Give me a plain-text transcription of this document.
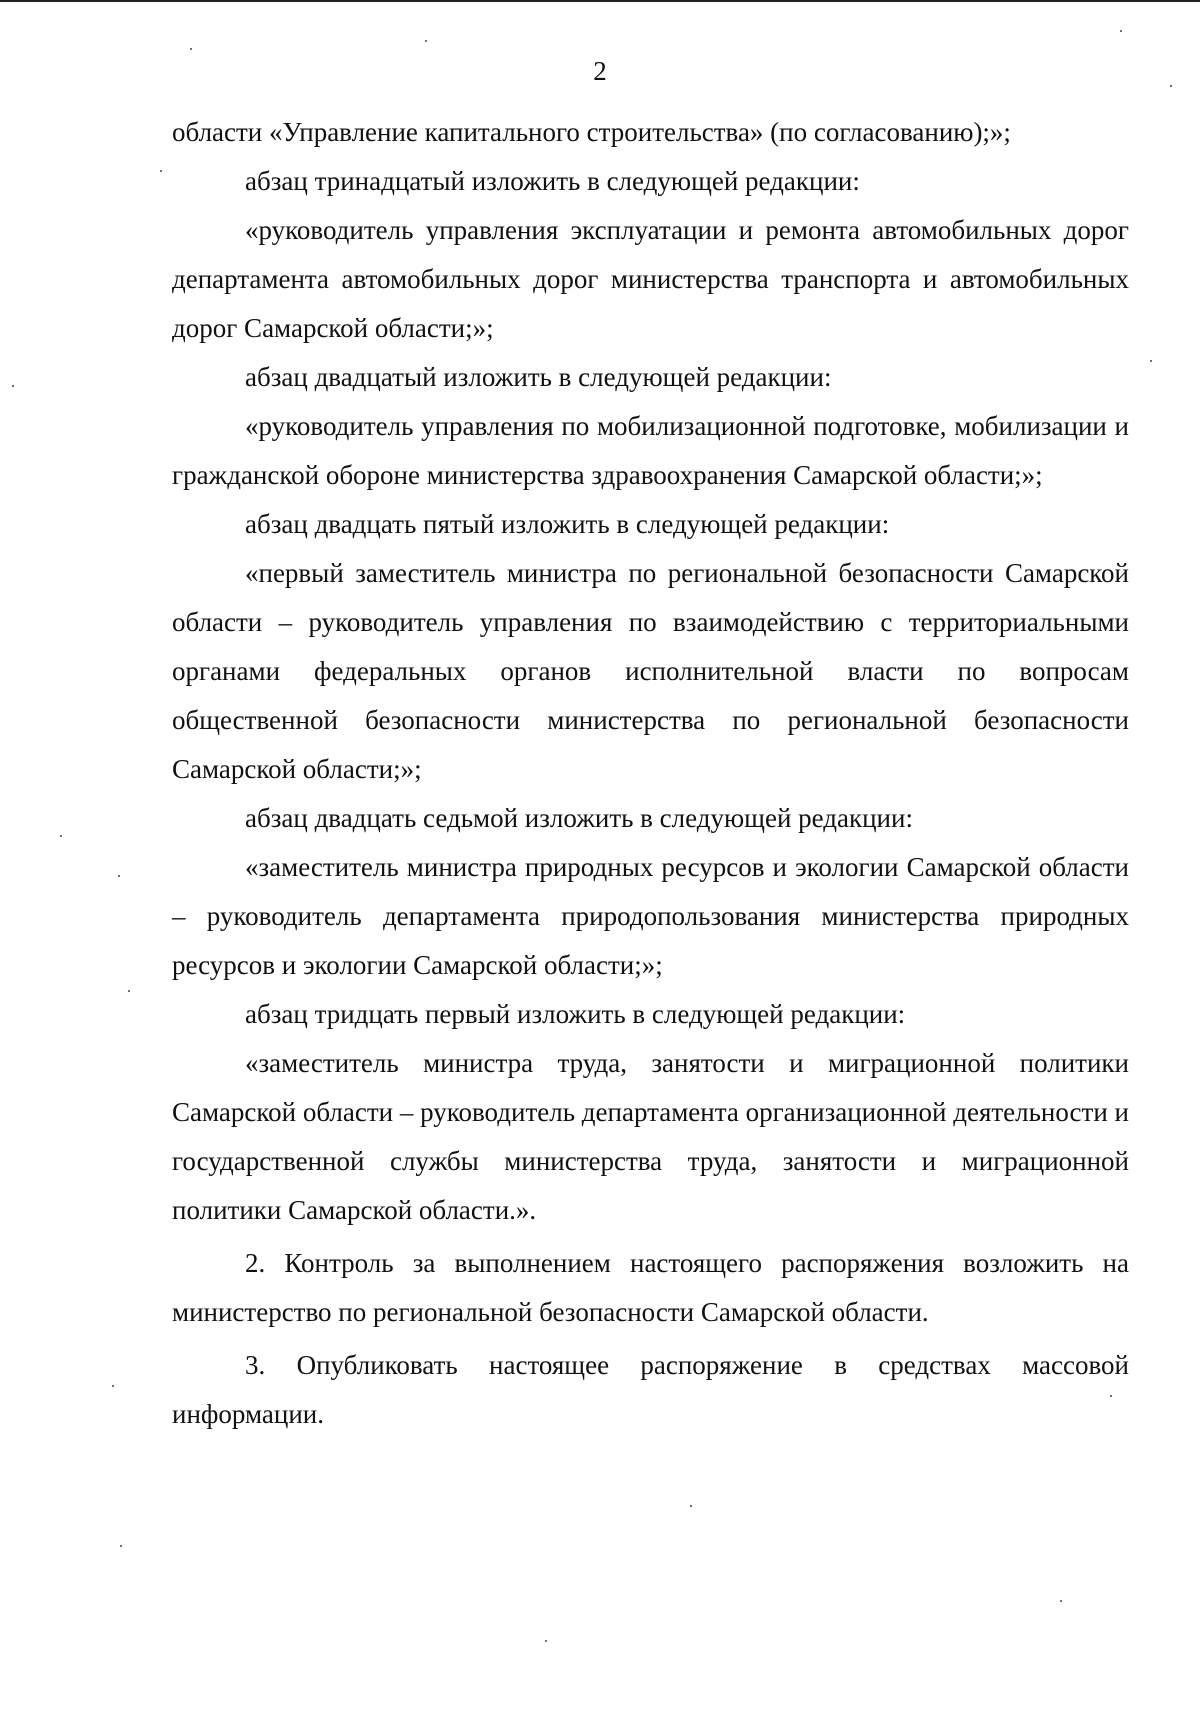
2

области «Управление капитального строительства» (по согласованию);»;

абзац тринадцатый изложить в следующей редакции:

«руководитель управления эксплуатации и ремонта автомобильных дорог департамента автомобильных дорог министерства транспорта и автомобильных дорог Самарской области;»;

абзац двадцатый изложить в следующей редакции:

«руководитель управления по мобилизационной подготовке, мобилизации и гражданской обороне министерства здравоохранения Самарской области;»;

абзац двадцать пятый изложить в следующей редакции:

«первый заместитель министра по региональной безопасности Самарской области – руководитель управления по взаимодействию с территориальными органами федеральных органов исполнительной власти по вопросам общественной безопасности министерства по региональной безопасности Самарской области;»;

абзац двадцать седьмой изложить в следующей редакции:

«заместитель министра природных ресурсов и экологии Самарской области – руководитель департамента природопользования министерства природных ресурсов и экологии Самарской области;»;

абзац тридцать первый изложить в следующей редакции:

«заместитель министра труда, занятости и миграционной политики Самарской области – руководитель департамента организационной деятельности и государственной службы министерства труда, занятости и миграционной политики Самарской области.».

2. Контроль за выполнением настоящего распоряжения возложить на министерство по региональной безопасности Самарской области.

3. Опубликовать настоящее распоряжение в средствах массовой информации.
